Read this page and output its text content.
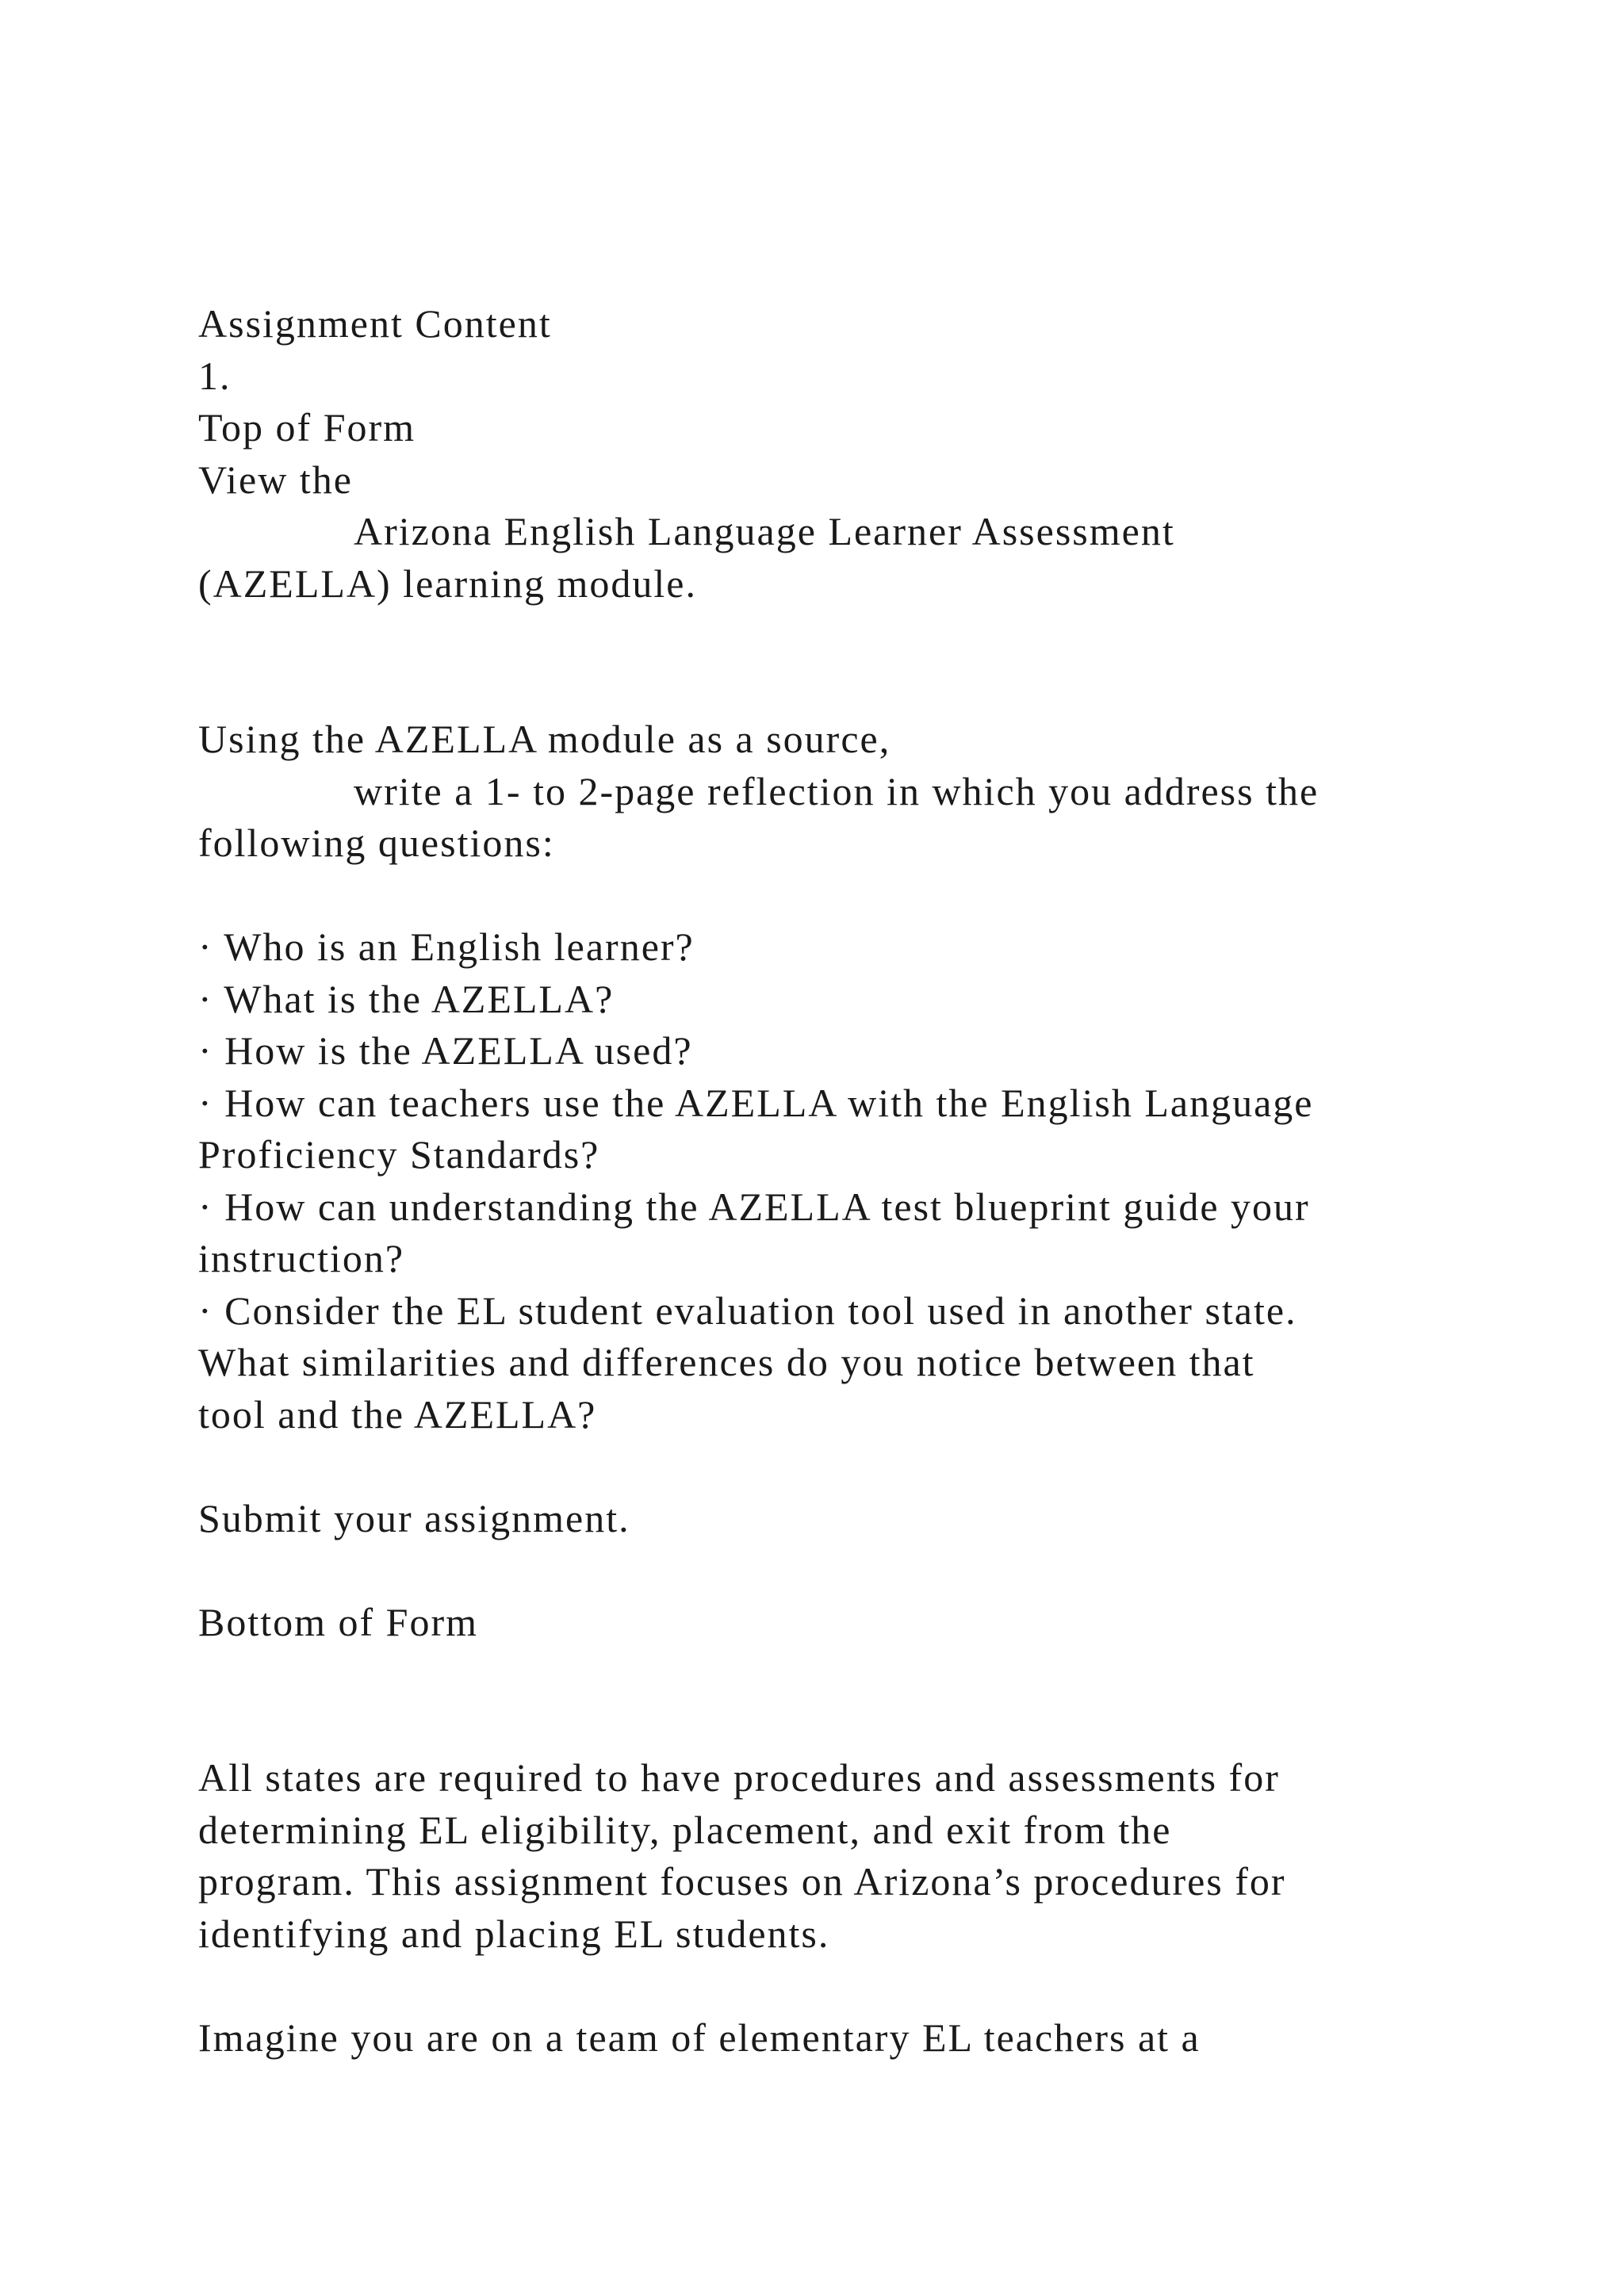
Assignment Content
1.
Top of Form
View the
Arizona English Language Learner Assessment
(AZELLA) learning module.
Using the AZELLA module as a source,
write a 1- to 2-page reflection in which you address the
following questions:
· Who is an English learner?
· What is the AZELLA?
· How is the AZELLA used?
· How can teachers use the AZELLA with the English Language
Proficiency Standards?
· How can understanding the AZELLA test blueprint guide your
instruction?
· Consider the EL student evaluation tool used in another state.
What similarities and differences do you notice between that
tool and the AZELLA?
Submit your assignment.
Bottom of Form
All states are required to have procedures and assessments for
determining EL eligibility, placement, and exit from the
program. This assignment focuses on Arizona’s procedures for
identifying and placing EL students.
Imagine you are on a team of elementary EL teachers at a
